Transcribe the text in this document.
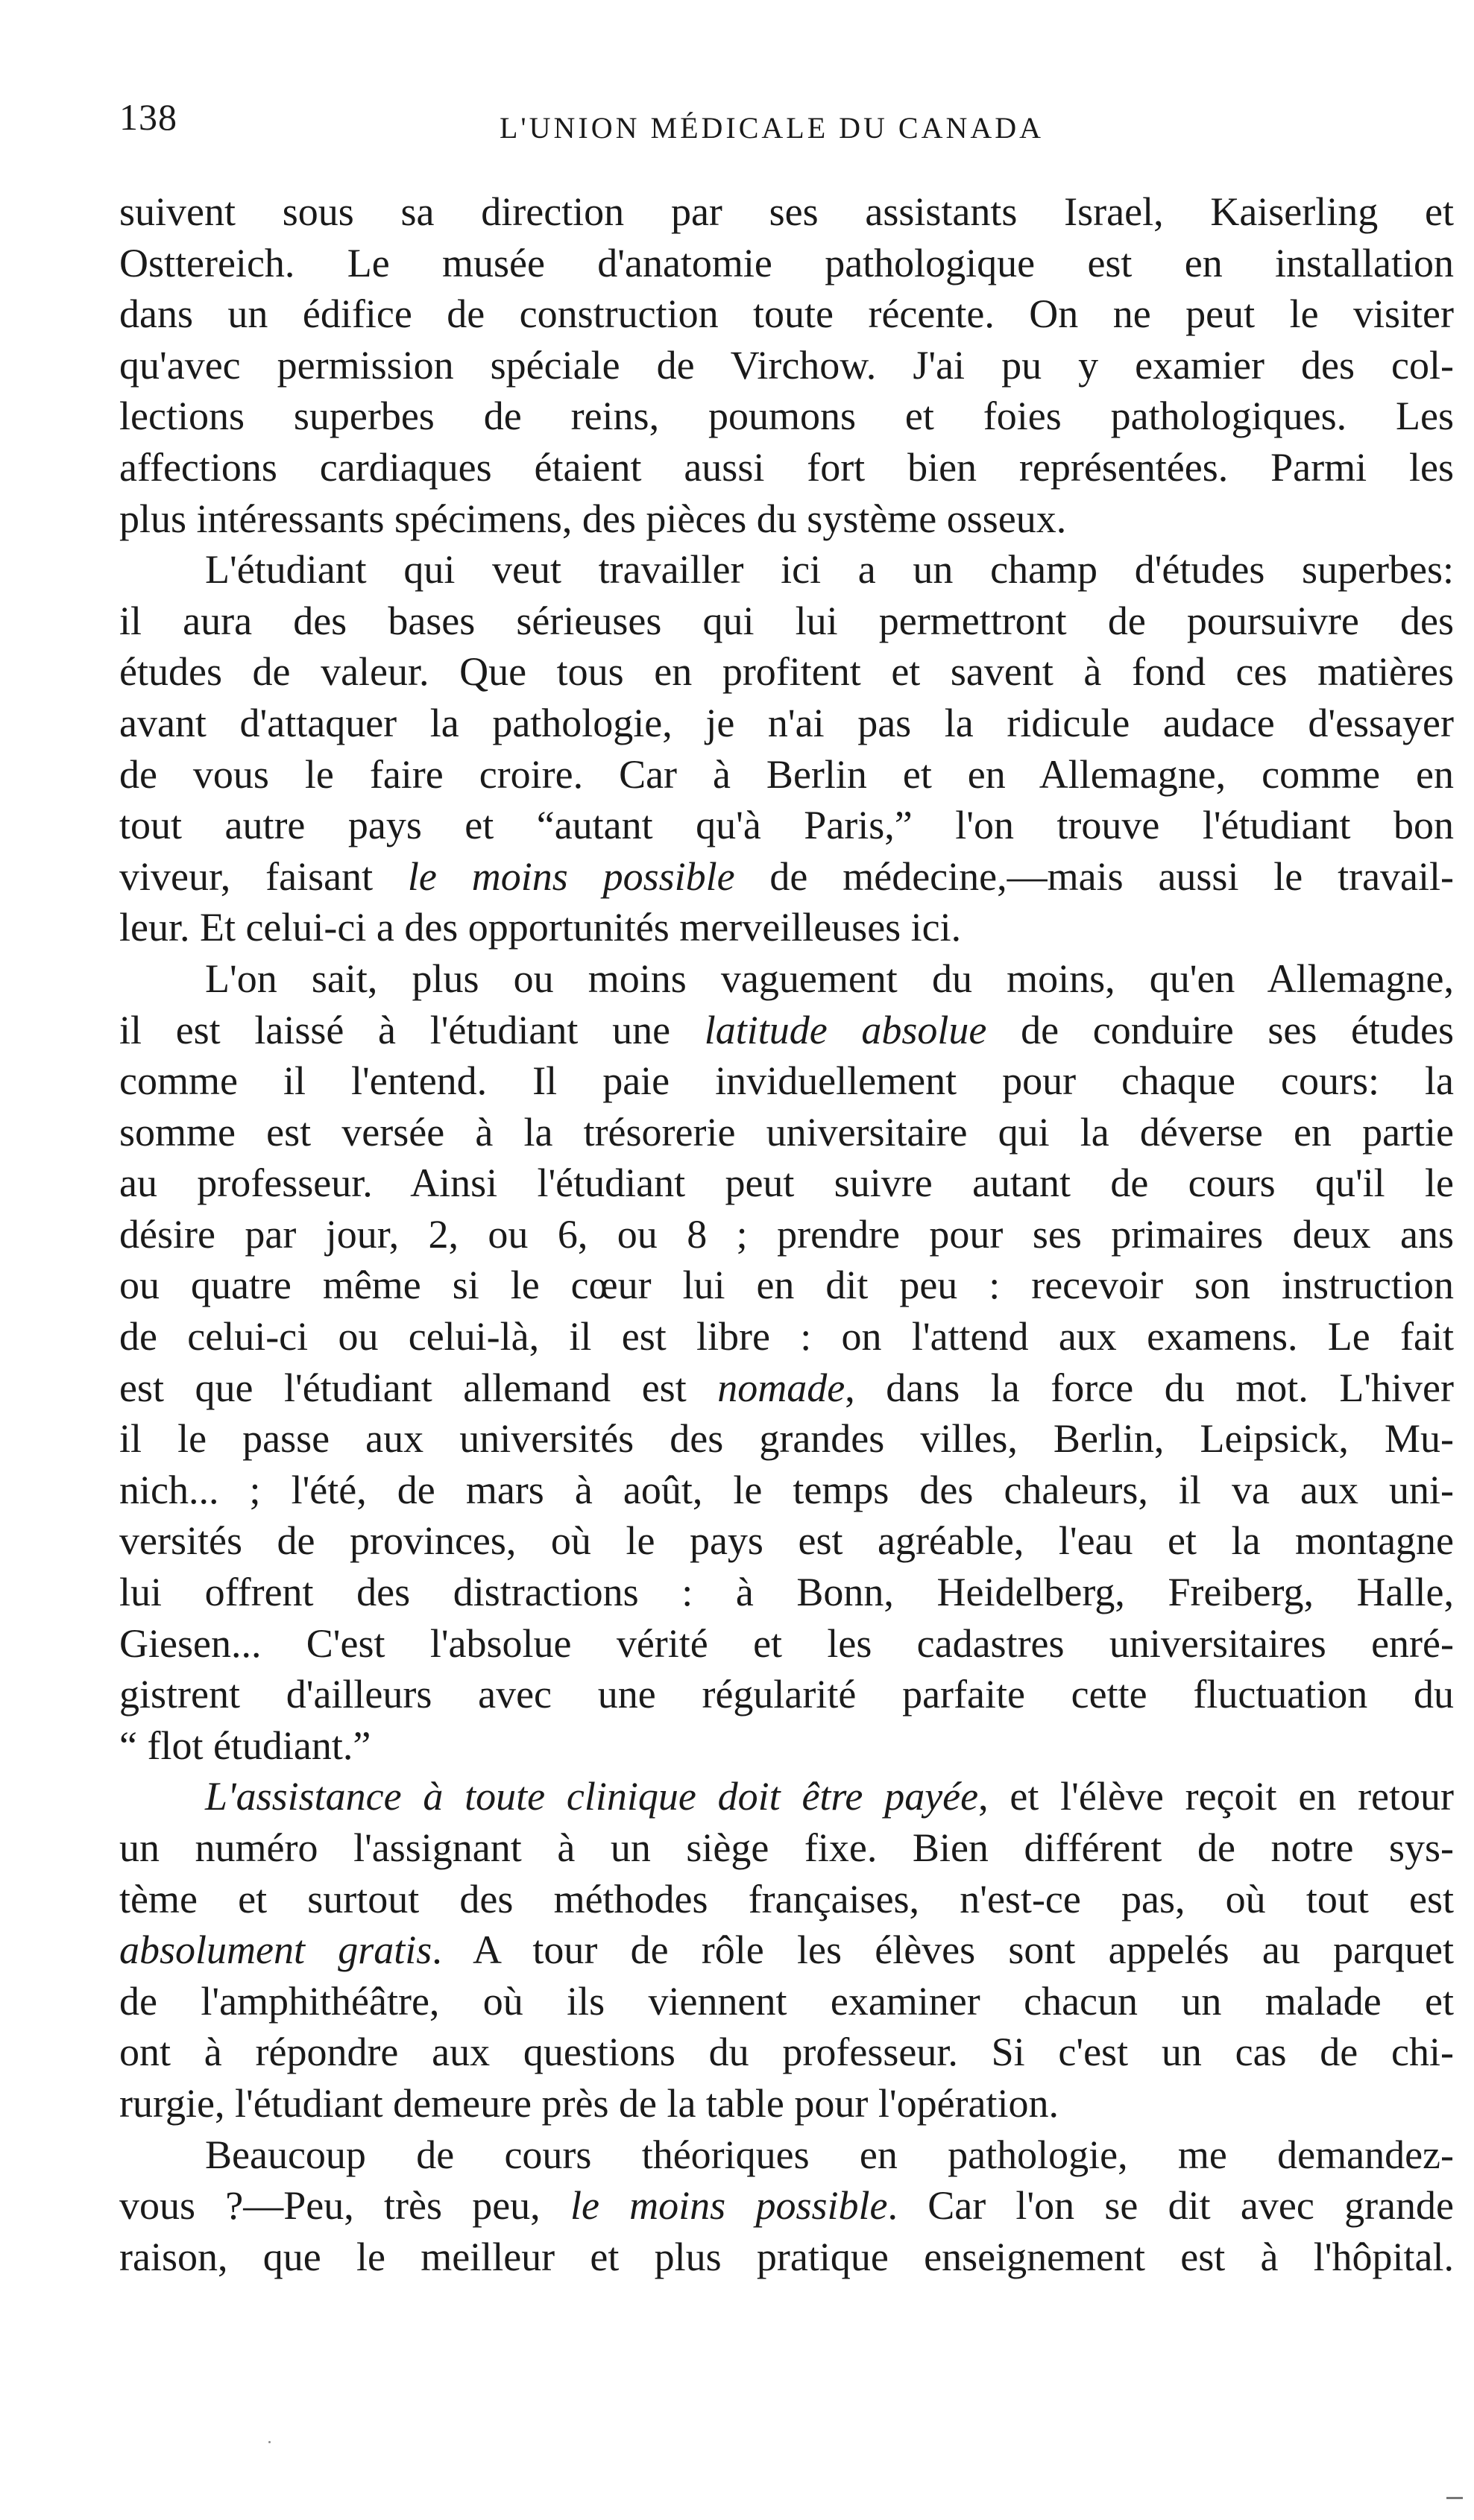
138	L'UNION MÉDICALE DU CANADA
suivent sous sa direction par ses assistants Israel, Kaiserling et
Osttereich. Le musée d'anatomie pathologique est en installation
dans un édifice de construction toute récente. On ne peut le visiter
qu'avec permission spéciale de Virchow. J'ai pu y examier des col-
lections superbes de reins, poumons et foies pathologiques. Les
affections cardiaques étaient aussi fort bien représentées. Parmi les
plus intéressants spécimens, des pièces du système osseux.
L'étudiant qui veut travailler ici a un champ d'études superbes:
il aura des bases sérieuses qui lui permettront de poursuivre des
études de valeur. Que tous en profitent et savent à fond ces matières
avant d'attaquer la pathologie, je n'ai pas la ridicule audace d'essayer
de vous le faire croire. Car à Berlin et en Allemagne, comme en
tout autre pays et “autant qu'à Paris,” l'on trouve l'étudiant bon
viveur, faisant le moins possible de médecine,—mais aussi le travail-
leur. Et celui-ci a des opportunités merveilleuses ici.
L'on sait, plus ou moins vaguement du moins, qu'en Allemagne,
il est laissé à l'étudiant une latitude absolue de conduire ses études
comme il l'entend. Il paie inviduellement pour chaque cours: la
somme est versée à la trésorerie universitaire qui la déverse en partie
au professeur. Ainsi l'étudiant peut suivre autant de cours qu'il le
désire par jour, 2, ou 6, ou 8 ; prendre pour ses primaires deux ans
ou quatre même si le cœur lui en dit peu : recevoir son instruction
de celui-ci ou celui-là, il est libre : on l'attend aux examens. Le fait
est que l'étudiant allemand est nomade, dans la force du mot. L'hiver
il le passe aux universités des grandes villes, Berlin, Leipsick, Mu-
nich... ; l'été, de mars à août, le temps des chaleurs, il va aux uni-
versités de provinces, où le pays est agréable, l'eau et la montagne
lui offrent des distractions : à Bonn, Heidelberg, Freiberg, Halle,
Giesen... C'est l'absolue vérité et les cadastres universitaires enré-
gistrent d'ailleurs avec une régularité parfaite cette fluctuation du
“ flot étudiant.”
L'assistance à toute clinique doit être payée, et l'élève reçoit en retour
un numéro l'assignant à un siège fixe. Bien différent de notre sys-
tème et surtout des méthodes françaises, n'est-ce pas, où tout est
absolument gratis. A tour de rôle les élèves sont appelés au parquet
de l'amphithéâtre, où ils viennent examiner chacun un malade et
ont à répondre aux questions du professeur. Si c'est un cas de chi-
rurgie, l'étudiant demeure près de la table pour l'opération.
Beaucoup de cours théoriques en pathologie, me demandez-
vous ?—Peu, très peu, le moins possible. Car l'on se dit avec grande
raison, que le meilleur et plus pratique enseignement est à l'hôpital.
